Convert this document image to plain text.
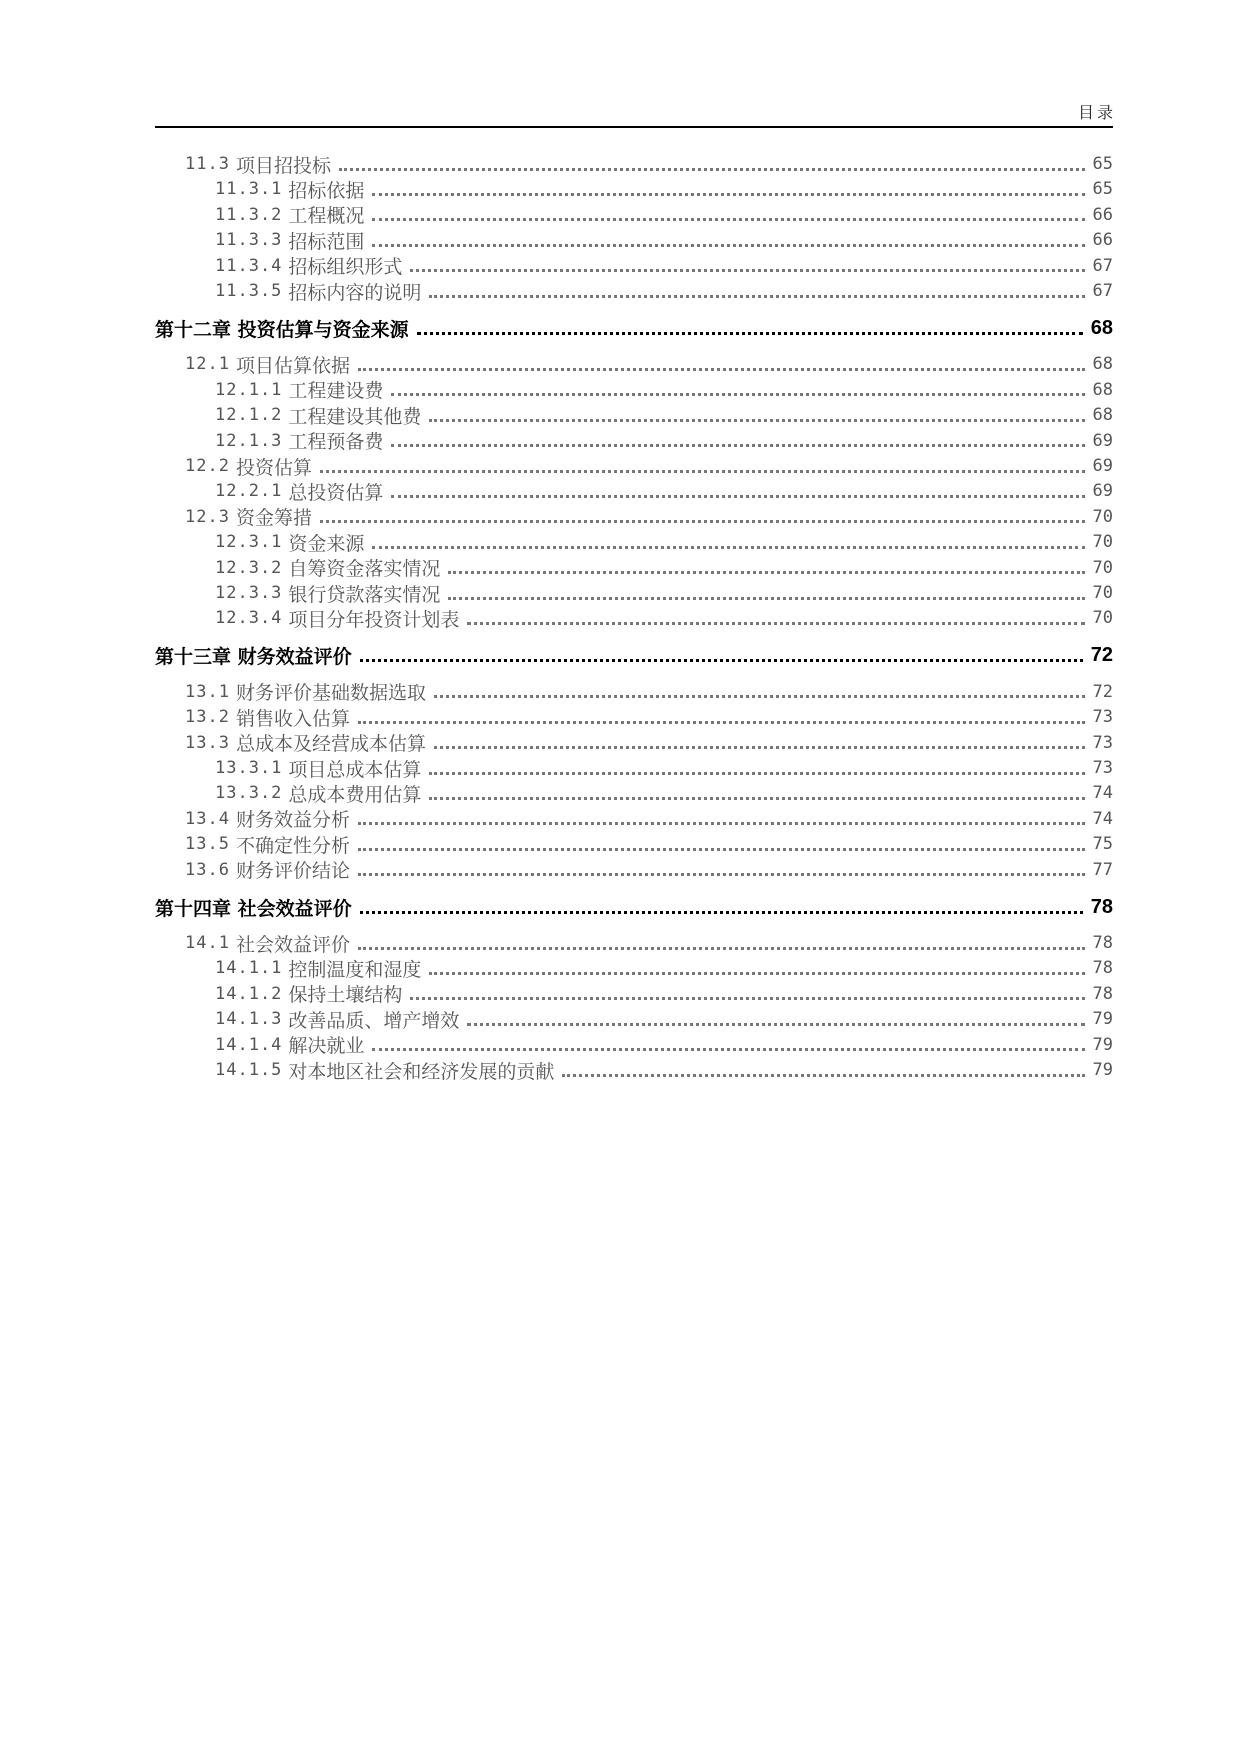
目录
11.3 项目招投标	65
11.3.1 招标依据	65
11.3.2 工程概况	66
11.3.3 招标范围	66
11.3.4 招标组织形式	67
11.3.5 招标内容的说明	67
第十二章 投资估算与资金来源	68
12.1 项目估算依据	68
12.1.1 工程建设费	68
12.1.2 工程建设其他费	68
12.1.3 工程预备费	69
12.2 投资估算	69
12.2.1 总投资估算	69
12.3 资金筹措	70
12.3.1 资金来源	70
12.3.2 自筹资金落实情况	70
12.3.3 银行贷款落实情况	70
12.3.4 项目分年投资计划表	70
第十三章 财务效益评价	72
13.1 财务评价基础数据选取	72
13.2 销售收入估算	73
13.3 总成本及经营成本估算	73
13.3.1 项目总成本估算	73
13.3.2 总成本费用估算	74
13.4 财务效益分析	74
13.5 不确定性分析	75
13.6 财务评价结论	77
第十四章 社会效益评价	78
14.1 社会效益评价	78
14.1.1 控制温度和湿度	78
14.1.2 保持土壤结构	78
14.1.3 改善品质、增产增效	79
14.1.4 解决就业	79
14.1.5 对本地区社会和经济发展的贡献	79
